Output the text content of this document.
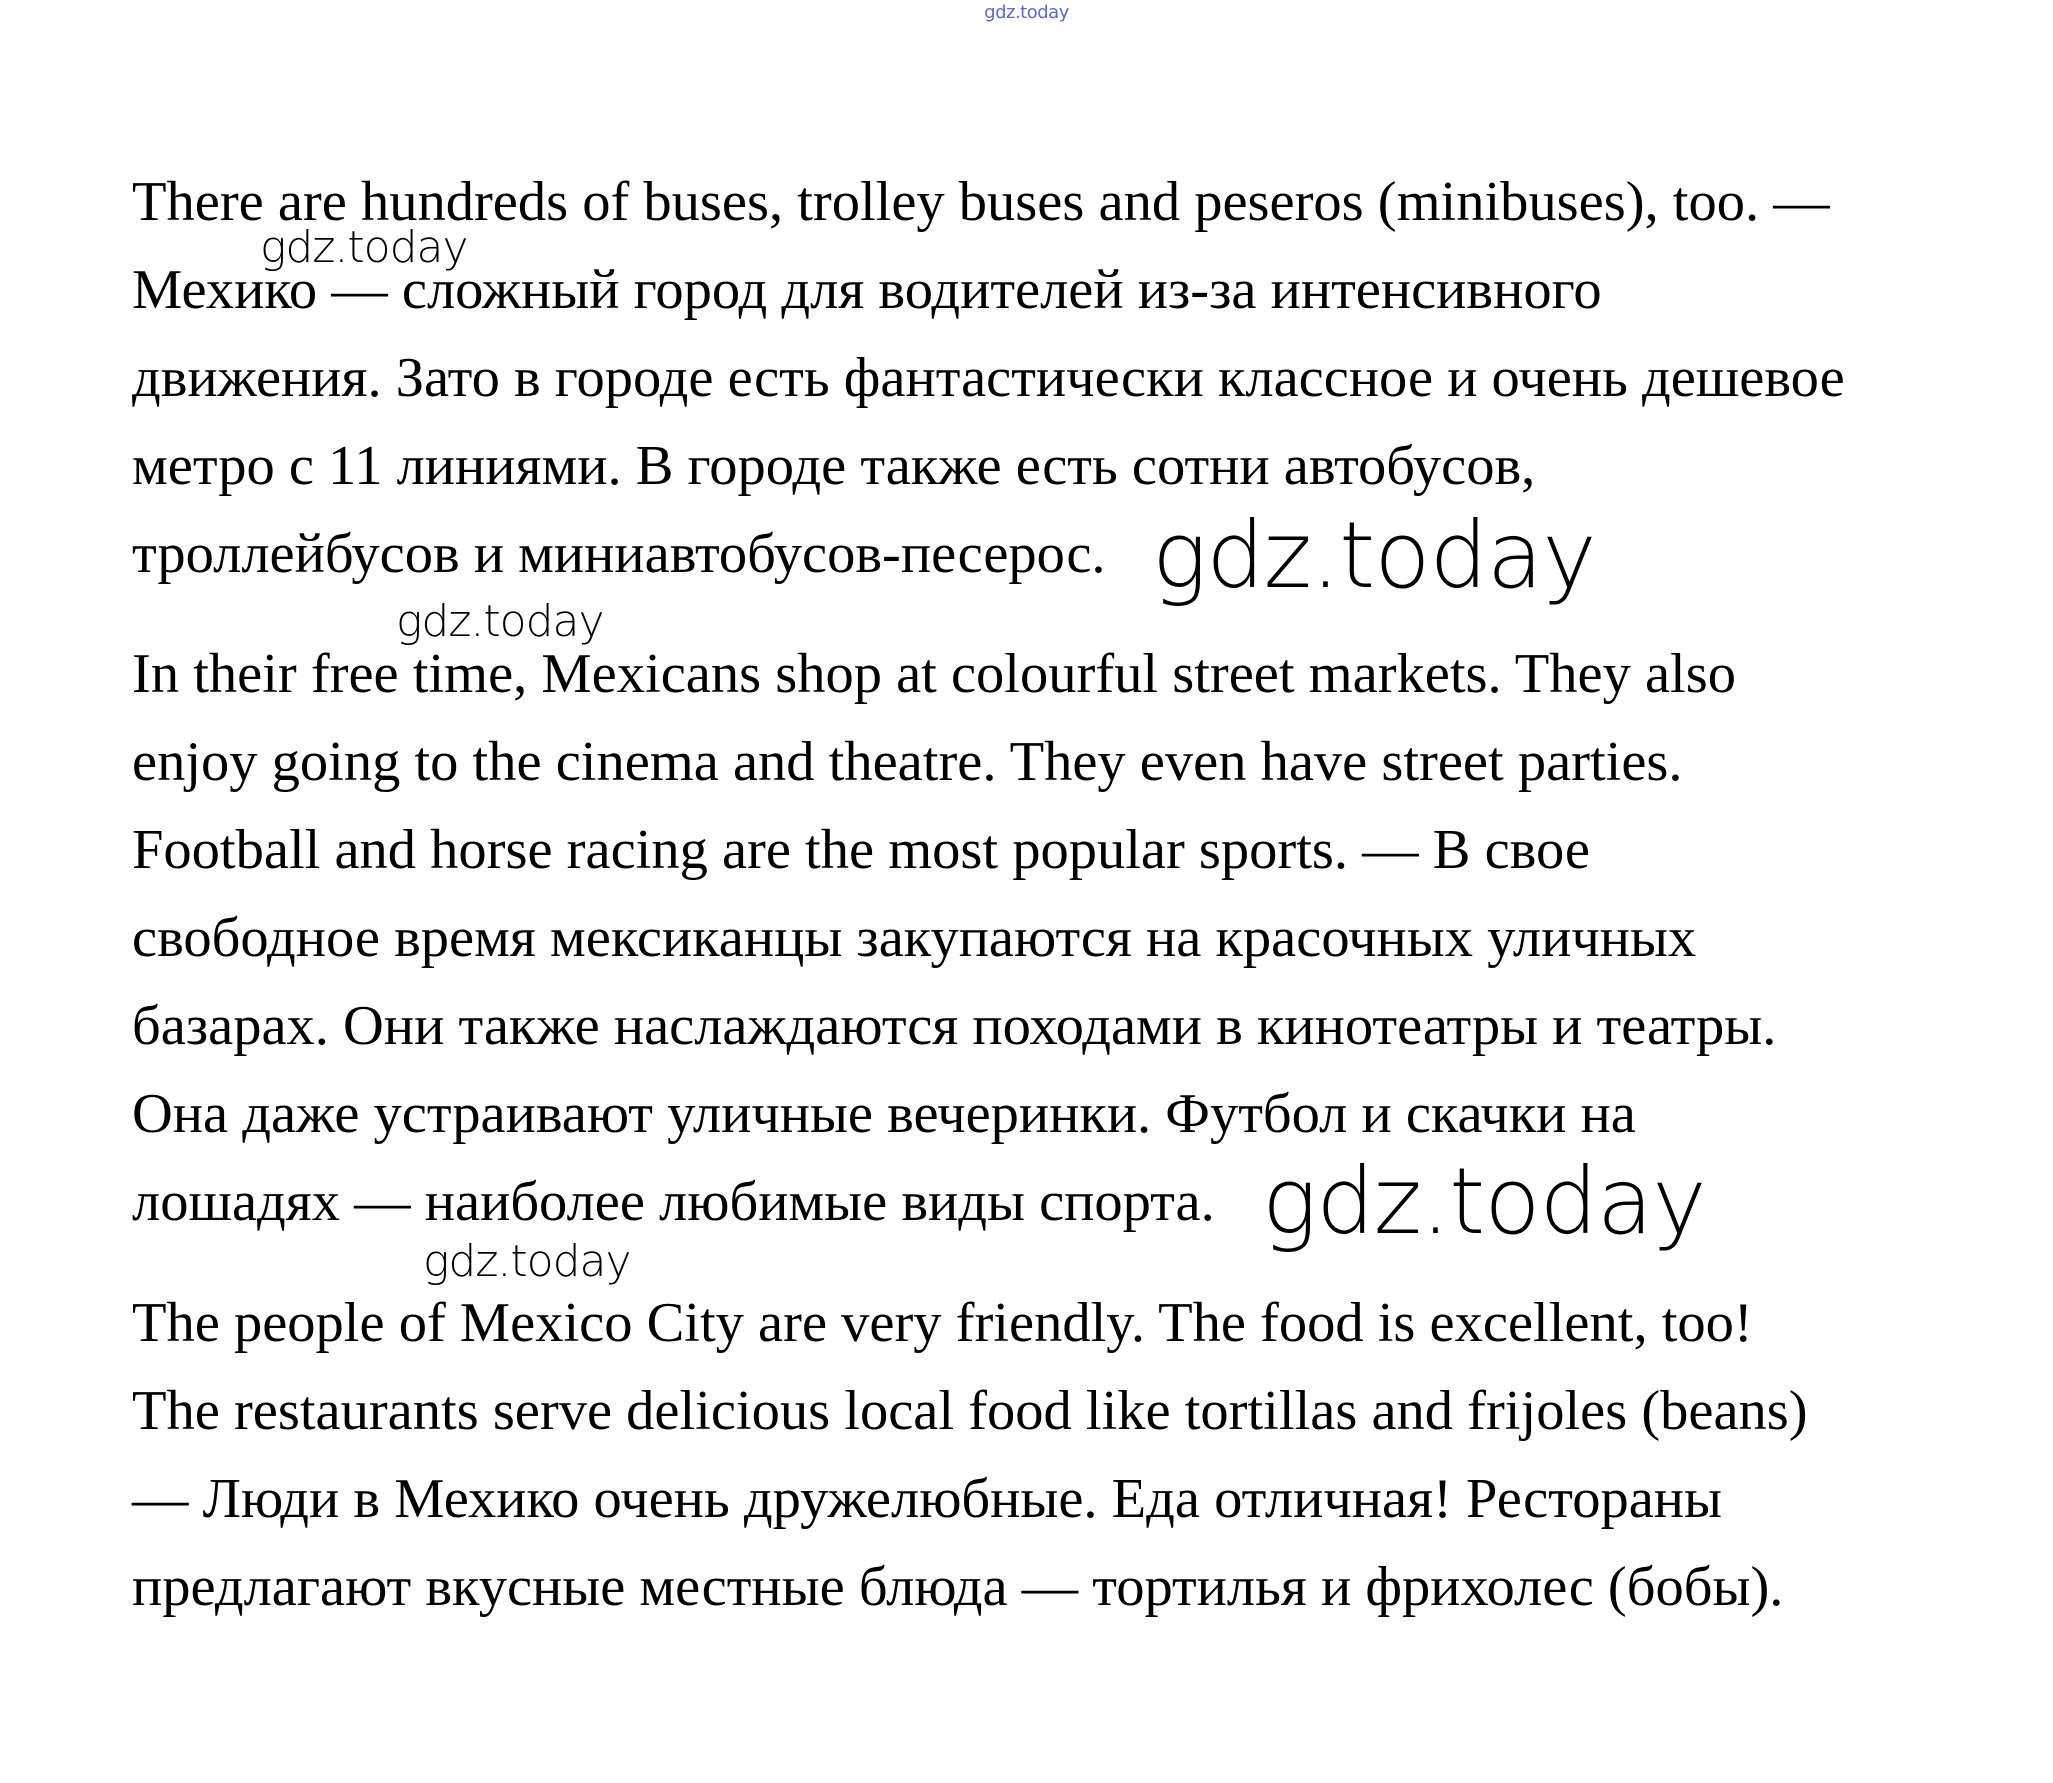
gdz.today
There are hundreds of buses, trolley buses and peseros (minibuses), too. —
Мехико — сложный город для водителей из-за интенсивного
движения. Зато в городе есть фантастически классное и очень дешевое
метро с 11 линиями. В городе также есть сотни автобусов,
троллейбусов и миниавтобусов-песерос.
In their free time, Mexicans shop at colourful street markets. They also
enjoy going to the cinema and theatre. They even have street parties.
Football and horse racing are the most popular sports. — В свое
свободное время мексиканцы закупаются на красочных уличных
базарах. Они также наслаждаются походами в кинотеатры и театры.
Она даже устраивают уличные вечеринки. Футбол и скачки на
лошадях — наиболее любимые виды спорта.
The people of Mexico City are very friendly. The food is excellent, too!
The restaurants serve delicious local food like tortillas and frijoles (beans)
— Люди в Мехико очень дружелюбные. Еда отличная! Рестораны
предлагают вкусные местные блюда — тортилья и фрихолес (бобы).
gdz.today
gdz.today
gdz.today
gdz.today
gdz.today
